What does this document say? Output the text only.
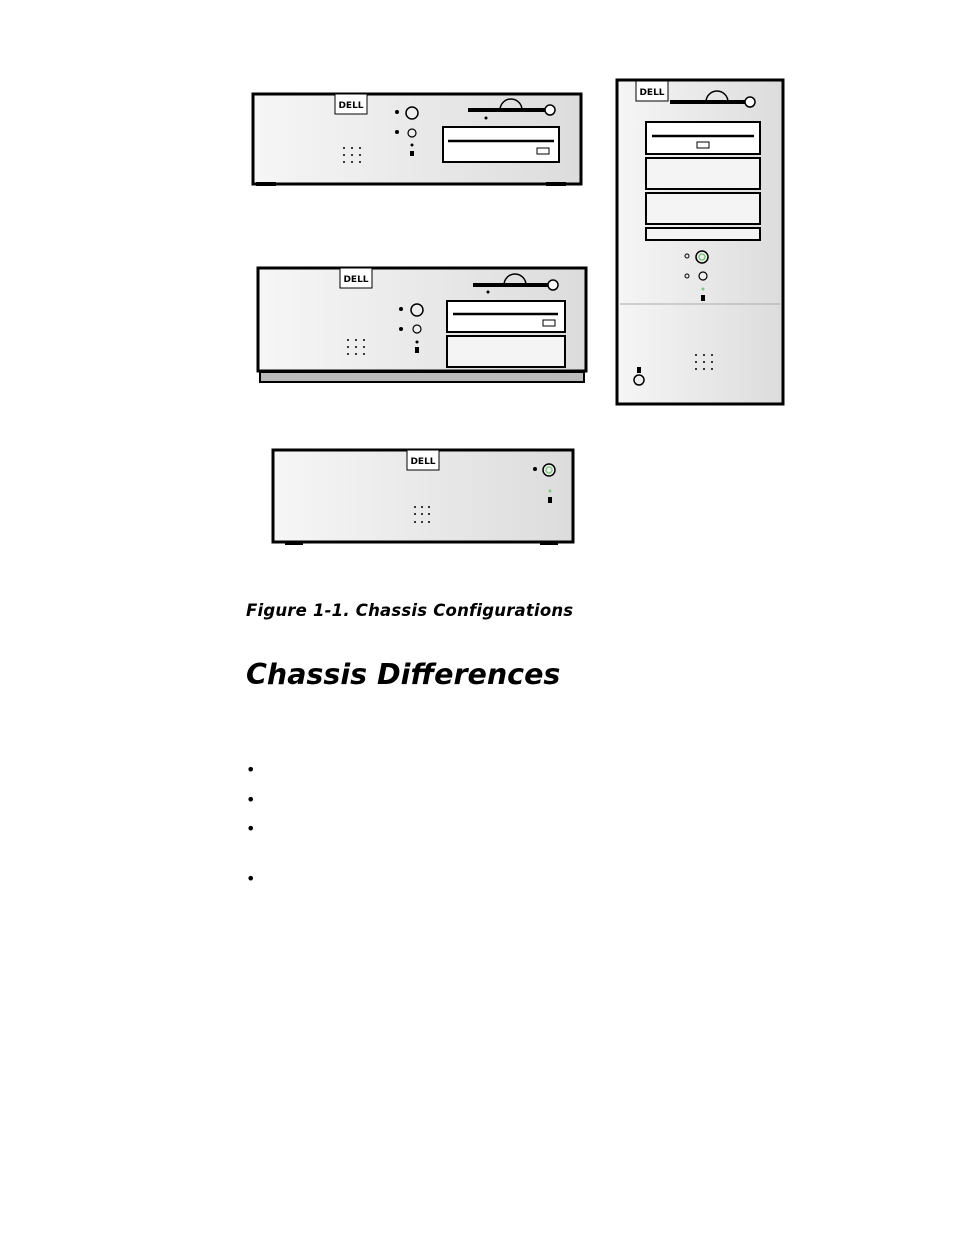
DELL
DELL
DELL
DELL
Figure 1-1. Chassis Configurations
Chassis Differences
•
•
•
•
